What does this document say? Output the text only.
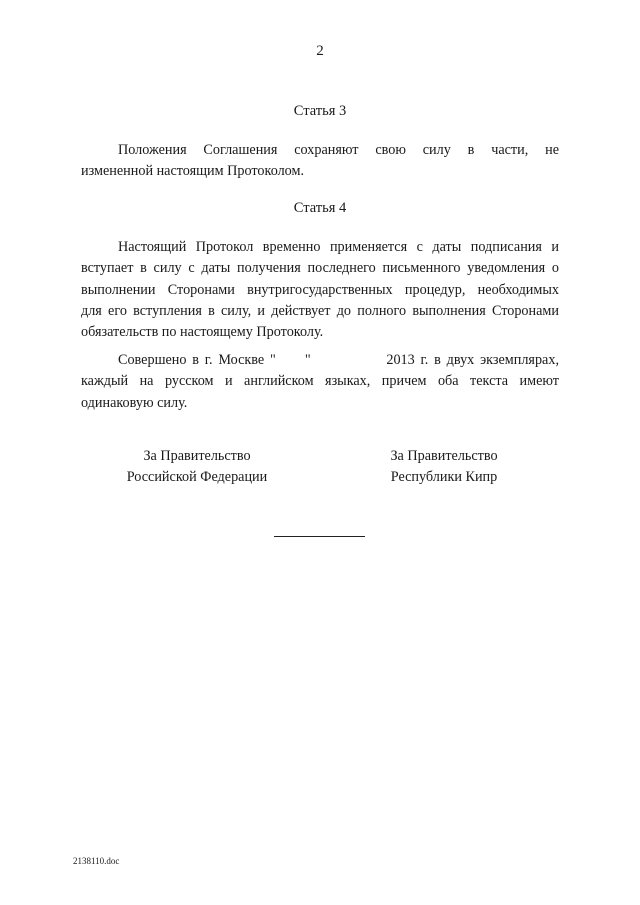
2
Статья 3
Положения Соглашения сохраняют свою силу в части, не
измененной настоящим Протоколом.
Статья 4
Настоящий Протокол временно применяется с даты подписания и
вступает в силу с даты получения последнего письменного уведомления о
выполнении Сторонами внутригосударственных процедур, необходимых
для его вступления в силу, и действует до полного выполнения Сторонами
обязательств по настоящему Протоколу.
Совершено в г. Москве "     "             2013 г. в двух экземплярах,
каждый на русском и английском языках, причем оба текста имеют
одинаковую силу.
За Правительство
Российской Федерации
За Правительство
Республики Кипр
2138110.doc
